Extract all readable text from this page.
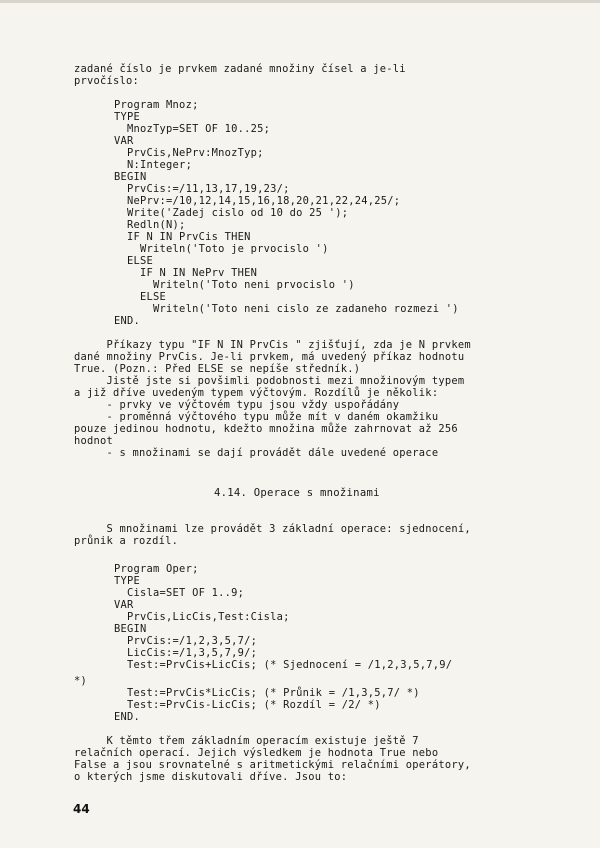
zadané číslo je prvkem zadané množiny čísel a je-li
prvočíslo:
Program Mnoz;
TYPE
MnozTyp=SET OF 10..25;
VAR
PrvCis,NePrv:MnozTyp;
N:Integer;
BEGIN
PrvCis:=/11,13,17,19,23/;
NePrv:=/10,12,14,15,16,18,20,21,22,24,25/;
Write('Zadej cislo od 10 do 25 ');
Redln(N);
IF N IN PrvCis THEN
Writeln('Toto je prvocislo ')
ELSE
IF N IN NePrv THEN
Writeln('Toto neni prvocislo ')
ELSE
Writeln('Toto neni cislo ze zadaneho rozmezi ')
END.
Příkazy typu "IF N IN PrvCis " zjišťují, zda je N prvkem
dané množiny PrvCis. Je-li prvkem, má uvedený příkaz hodnotu
True. (Pozn.: Před ELSE se nepíše středník.)
Jistě jste si povšimli podobnosti mezi množinovým typem
a již dříve uvedeným typem výčtovým. Rozdílů je několik:
- prvky ve výčtovém typu jsou vždy uspořádány
- proměnná výčtového typu může mít v daném okamžiku
pouze jedinou hodnotu, kdežto množina může zahrnovat až 256
hodnot
- s množinami se dají provádět dále uvedené operace
4.14. Operace s množinami
S množinami lze provádět 3 základní operace: sjednocení,
průnik a rozdíl.
Program Oper;
TYPE
Cisla=SET OF 1..9;
VAR
PrvCis,LicCis,Test:Cisla;
BEGIN
PrvCis:=/1,2,3,5,7/;
LicCis:=/1,3,5,7,9/;
Test:=PrvCis+LicCis; (* Sjednocení = /1,2,3,5,7,9/
*)
Test:=PrvCis*LicCis; (* Průnik = /1,3,5,7/ *)
Test:=PrvCis-LicCis; (* Rozdíl = /2/ *)
END.
K těmto třem základním operacím existuje ještě 7
relačních operací. Jejich výsledkem je hodnota True nebo
False a jsou srovnatelné s aritmetickými relačními operátory,
o kterých jsme diskutovali dříve. Jsou to:
44
